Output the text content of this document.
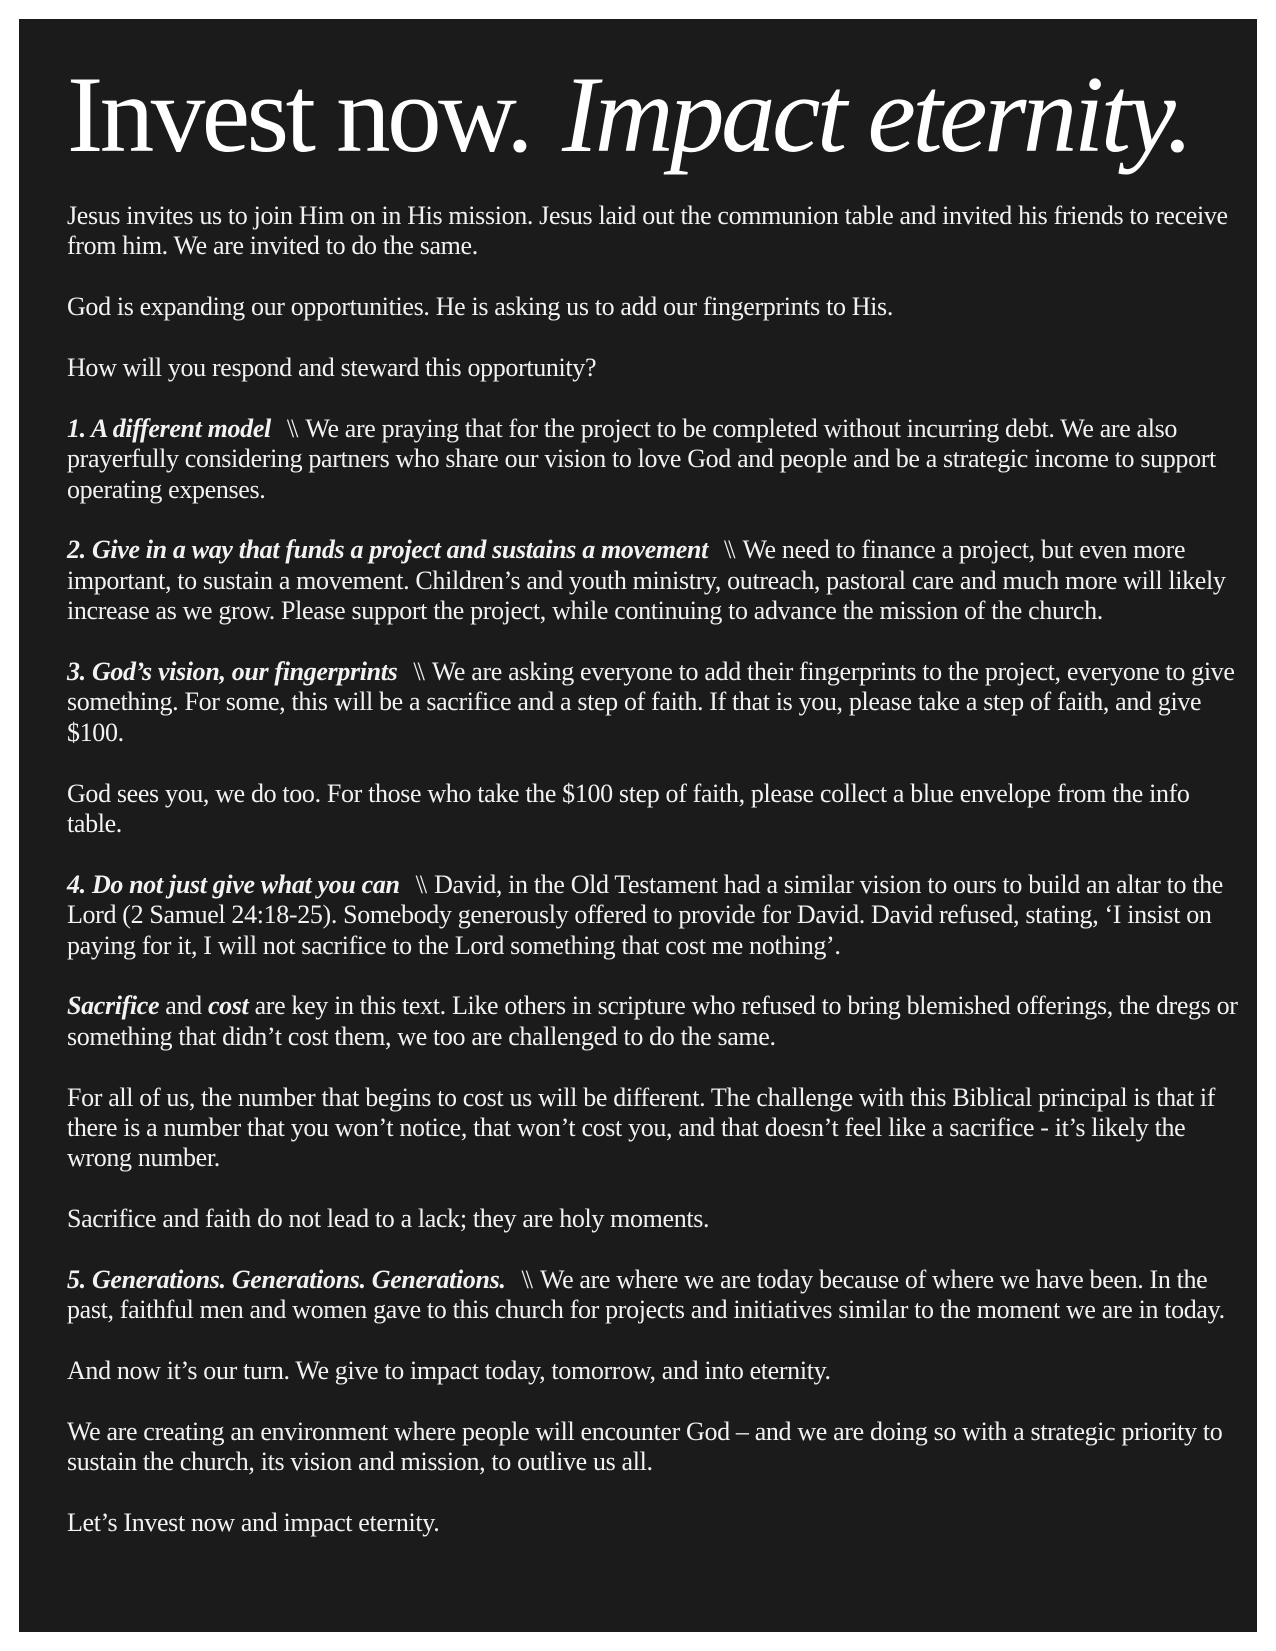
Invest now. Impact eternity.

Jesus invites us to join Him on in His mission. Jesus laid out the communion table and invited his friends to receive from him. We are invited to do the same.

God is expanding our opportunities. He is asking us to add our fingerprints to His.

How will you respond and steward this opportunity?

1. A different model \\ We are praying that for the project to be completed without incurring debt. We are also prayerfully considering partners who share our vision to love God and people and be a strategic income to support operating expenses.

2. Give in a way that funds a project and sustains a movement \\ We need to finance a project, but even more important, to sustain a movement. Children’s and youth ministry, outreach, pastoral care and much more will likely increase as we grow. Please support the project, while continuing to advance the mission of the church.

3. God’s vision, our fingerprints \\ We are asking everyone to add their fingerprints to the project, everyone to give something. For some, this will be a sacrifice and a step of faith. If that is you, please take a step of faith, and give $100.

God sees you, we do too. For those who take the $100 step of faith, please collect a blue envelope from the info table.

4. Do not just give what you can \\ David, in the Old Testament had a similar vision to ours to build an altar to the Lord (2 Samuel 24:18-25). Somebody generously offered to provide for David. David refused, stating, ‘I insist on paying for it, I will not sacrifice to the Lord something that cost me nothing’.

Sacrifice and cost are key in this text. Like others in scripture who refused to bring blemished offerings, the dregs or something that didn’t cost them, we too are challenged to do the same.

For all of us, the number that begins to cost us will be different. The challenge with this Biblical principal is that if there is a number that you won’t notice, that won’t cost you, and that doesn’t feel like a sacrifice - it’s likely the wrong number.

Sacrifice and faith do not lead to a lack; they are holy moments.

5. Generations. Generations. Generations. \\ We are where we are today because of where we have been. In the past, faithful men and women gave to this church for projects and initiatives similar to the moment we are in today.

And now it’s our turn. We give to impact today, tomorrow, and into eternity.

We are creating an environment where people will encounter God – and we are doing so with a strategic priority to sustain the church, its vision and mission, to outlive us all.

Let’s Invest now and impact eternity.
